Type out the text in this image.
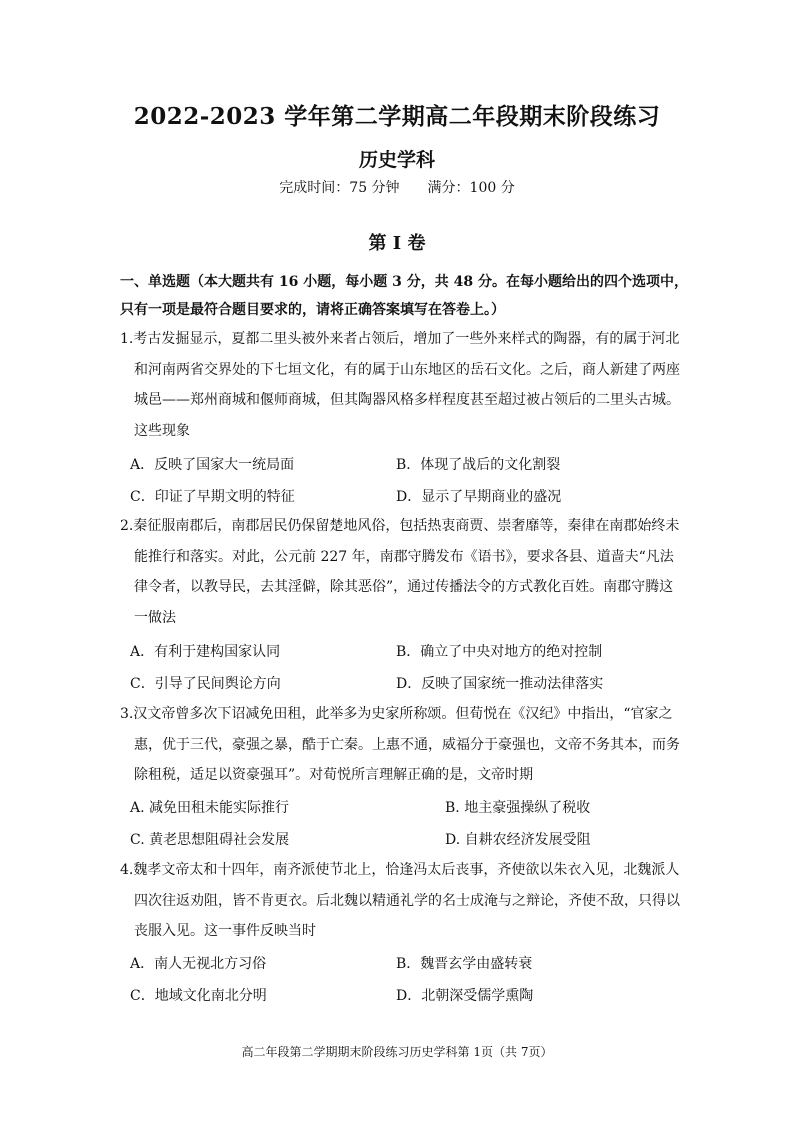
2022-2023 学年第二学期高二年段期末阶段练习
历史学科
完成时间：75 分钟 满分：100 分
第 Ⅰ 卷
一、单选题（本大题共有 16 小题，每小题 3 分，共 48 分。在每小题给出的四个选项中，
只有一项是最符合题目要求的，请将正确答案填写在答卷上。）
1.考古发掘显示，夏都二里头被外来者占领后，增加了一些外来样式的陶器，有的属于河北
和河南两省交界处的下七垣文化，有的属于山东地区的岳石文化。之后，商人新建了两座
城邑——郑州商城和偃师商城，但其陶器风格多样程度甚至超过被占领后的二里头古城。
这些现象
A．反映了国家大一统局面	B．体现了战后的文化割裂
C．印证了早期文明的特征	D．显示了早期商业的盛况
2.秦征服南郡后，南郡居民仍保留楚地风俗，包括热衷商贾、崇奢靡等，秦律在南郡始终未
能推行和落实。对此，公元前 227 年，南郡守腾发布《语书》，要求各县、道啬夫“凡法
律令者，以教导民，去其淫僻，除其恶俗”，通过传播法令的方式教化百姓。南郡守腾这
一做法
A．有利于建构国家认同	B．确立了中央对地方的绝对控制
C．引导了民间舆论方向	D．反映了国家统一推动法律落实
3.汉文帝曾多次下诏减免田租，此举多为史家所称颂。但荀悦在《汉纪》中指出，“官家之
惠，优于三代，豪强之暴，酷于亡秦。上惠不通，威福分于豪强也，文帝不务其本，而务
除租税，适足以资豪强耳”。对荀悦所言理解正确的是，文帝时期
A. 减免田租未能实际推行	B. 地主豪强操纵了税收
C. 黄老思想阻碍社会发展	D. 自耕农经济发展受阻
4.魏孝文帝太和十四年，南齐派使节北上，恰逢冯太后丧事，齐使欲以朱衣入见，北魏派人
四次往返劝阻，皆不肯更衣。后北魏以精通礼学的名士成淹与之辩论，齐使不敌，只得以
丧服入见。这一事件反映当时
A．南人无视北方习俗	B．魏晋玄学由盛转衰
C．地域文化南北分明	D．北朝深受儒学熏陶
高二年段第二学期期末阶段练习历史学科第 1页（共 7页）
